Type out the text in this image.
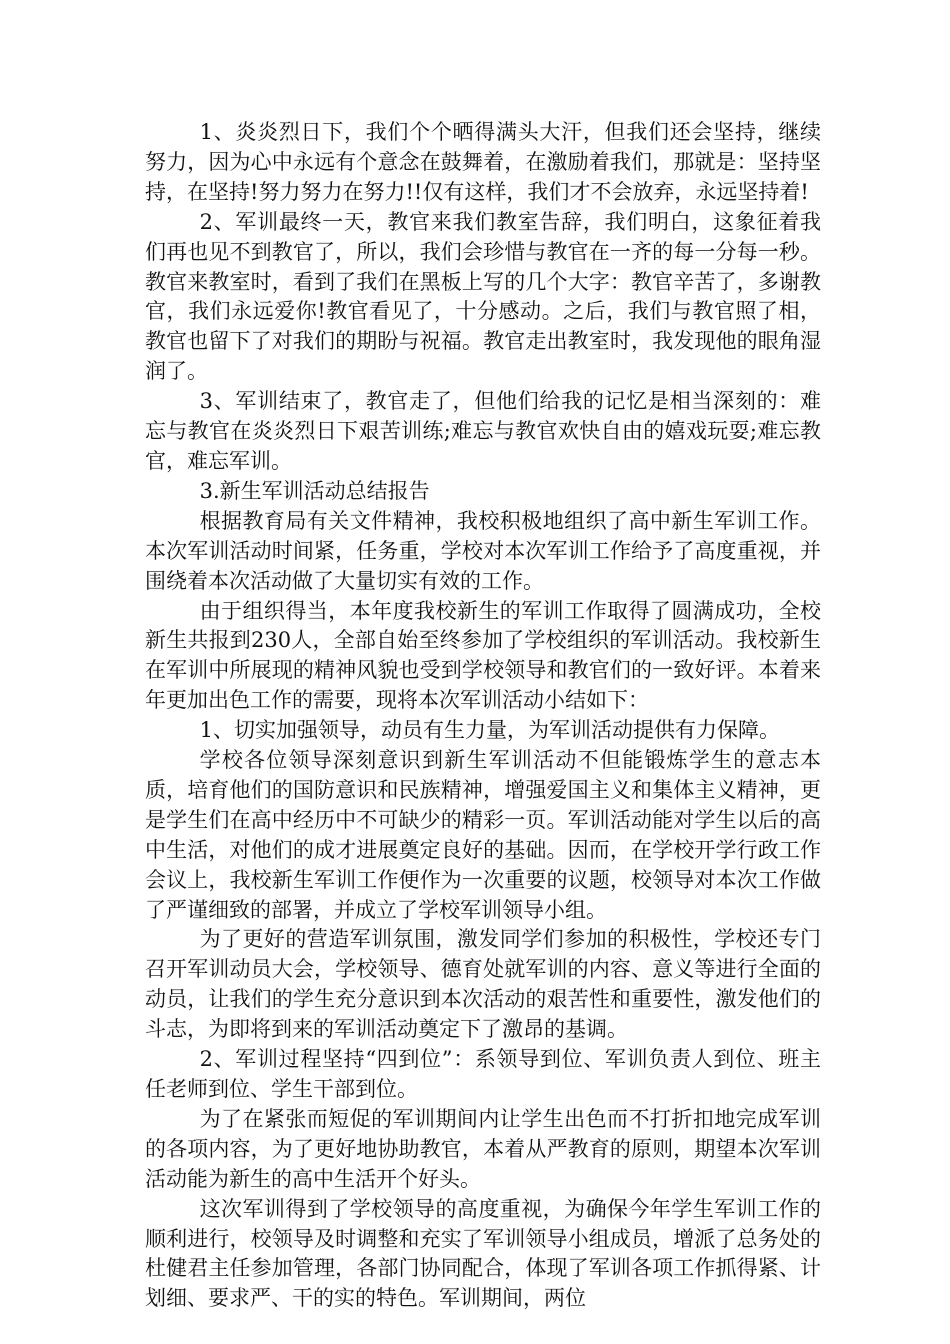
1、炎炎烈日下，我们个个晒得满头大汗，但我们还会坚持，继续努力，因为心中永远有个意念在鼓舞着，在激励着我们，那就是：坚持坚持，在坚持!努力努力在努力!!仅有这样，我们才不会放弃，永远坚持着!

2、军训最终一天，教官来我们教室告辞，我们明白，这象征着我们再也见不到教官了，所以，我们会珍惜与教官在一齐的每一分每一秒。教官来教室时，看到了我们在黑板上写的几个大字：教官辛苦了，多谢教官，我们永远爱你!教官看见了，十分感动。之后，我们与教官照了相，教官也留下了对我们的期盼与祝福。教官走出教室时，我发现他的眼角湿润了。

3、军训结束了，教官走了，但他们给我的记忆是相当深刻的：难忘与教官在炎炎烈日下艰苦训练;难忘与教官欢快自由的嬉戏玩耍;难忘教官，难忘军训。

3.新生军训活动总结报告

根据教育局有关文件精神，我校积极地组织了高中新生军训工作。本次军训活动时间紧，任务重，学校对本次军训工作给予了高度重视，并围绕着本次活动做了大量切实有效的工作。

由于组织得当，本年度我校新生的军训工作取得了圆满成功，全校新生共报到230人，全部自始至终参加了学校组织的军训活动。我校新生在军训中所展现的精神风貌也受到学校领导和教官们的一致好评。本着来年更加出色工作的需要，现将本次军训活动小结如下：

1、切实加强领导，动员有生力量，为军训活动提供有力保障。

学校各位领导深刻意识到新生军训活动不但能锻炼学生的意志本质，培育他们的国防意识和民族精神，增强爱国主义和集体主义精神，更是学生们在高中经历中不可缺少的精彩一页。军训活动能对学生以后的高中生活，对他们的成才进展奠定良好的基础。因而，在学校开学行政工作会议上，我校新生军训工作便作为一次重要的议题，校领导对本次工作做了严谨细致的部署，并成立了学校军训领导小组。

为了更好的营造军训氛围，激发同学们参加的积极性，学校还专门召开军训动员大会，学校领导、德育处就军训的内容、意义等进行全面的动员，让我们的学生充分意识到本次活动的艰苦性和重要性，激发他们的斗志，为即将到来的军训活动奠定下了激昂的基调。

2、军训过程坚持“四到位”：系领导到位、军训负责人到位、班主任老师到位、学生干部到位。

为了在紧张而短促的军训期间内让学生出色而不打折扣地完成军训的各项内容，为了更好地协助教官，本着从严教育的原则，期望本次军训活动能为新生的高中生活开个好头。

这次军训得到了学校领导的高度重视，为确保今年学生军训工作的顺利进行，校领导及时调整和充实了军训领导小组成员，增派了总务处的杜健君主任参加管理，各部门协同配合，体现了军训各项工作抓得紧、计划细、要求严、干的实的特色。军训期间，两位
